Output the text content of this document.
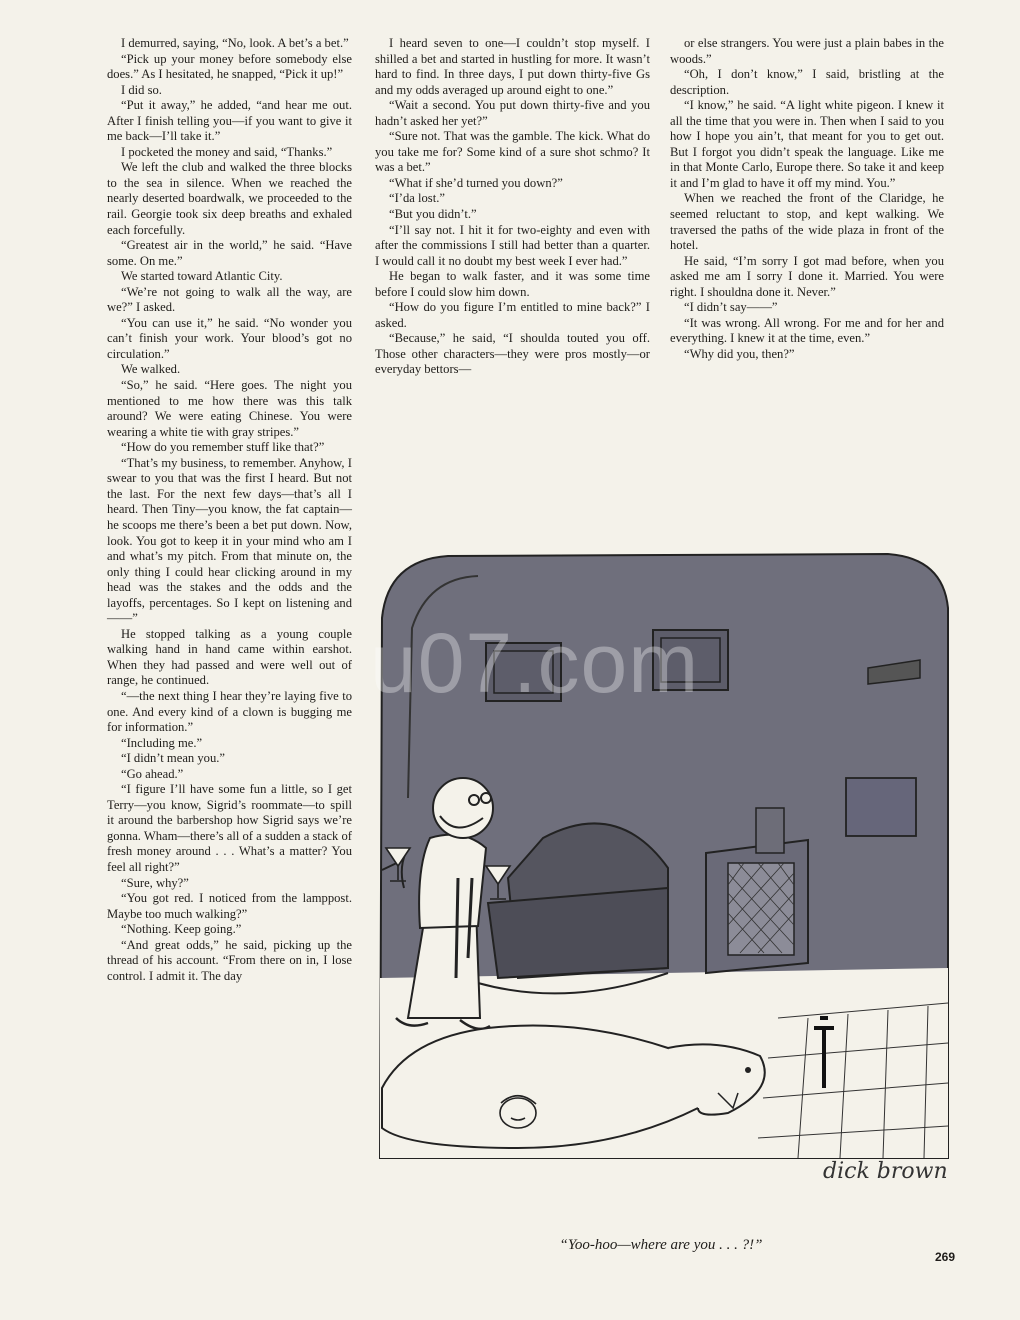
I demurred, saying, “No, look. A bet’s a bet.”

“Pick up your money before somebody else does.” As I hesitated, he snapped, “Pick it up!”

I did so.

“Put it away,” he added, “and hear me out. After I finish telling you—if you want to give it me back—I’ll take it.”

I pocketed the money and said, “Thanks.”

We left the club and walked the three blocks to the sea in silence. When we reached the nearly deserted boardwalk, we proceeded to the rail. Georgie took six deep breaths and exhaled each forcefully.

“Greatest air in the world,” he said. “Have some. On me.”

We started toward Atlantic City.

“We’re not going to walk all the way, are we?” I asked.

“You can use it,” he said. “No wonder you can’t finish your work. Your blood’s got no circulation.”

We walked.

“So,” he said. “Here goes. The night you mentioned to me how there was this talk around? We were eating Chinese. You were wearing a white tie with gray stripes.”

“How do you remember stuff like that?”

“That’s my business, to remember. Anyhow, I swear to you that was the first I heard. But not the last. For the next few days—that’s all I heard. Then Tiny—you know, the fat captain—he scoops me there’s been a bet put down. Now, look. You got to keep it in your mind who am I and what’s my pitch. From that minute on, the only thing I could hear clicking around in my head was the stakes and the odds and the layoffs, percentages. So I kept on listening and——”

He stopped talking as a young couple walking hand in hand came within earshot. When they had passed and were well out of range, he continued.

“—the next thing I hear they’re laying five to one. And every kind of a clown is bugging me for information.”

“Including me.”

“I didn’t mean you.”

“Go ahead.”

“I figure I’ll have some fun a little, so I get Terry—you know, Sigrid’s roommate—to spill it around the barbershop how Sigrid says we’re gonna. Wham—there’s all of a sudden a stack of fresh money around . . . What’s a matter? You feel all right?”

“Sure, why?”

“You got red. I noticed from the lamppost. Maybe too much walking?”

“Nothing. Keep going.”

“And great odds,” he said, picking up the thread of his account. “From there on in, I lose control. I admit it. The day

I heard seven to one—I couldn’t stop myself. I shilled a bet and started in hustling for more. It wasn’t hard to find. In three days, I put down thirty-five Gs and my odds averaged up around eight to one.”

“Wait a second. You put down thirty-five and you hadn’t asked her yet?”

“Sure not. That was the gamble. The kick. What do you take me for? Some kind of a sure shot schmo? It was a bet.”

“What if she’d turned you down?”

“I’da lost.”

“But you didn’t.”

“I’ll say not. I hit it for two-eighty and even with after the commissions I still had better than a quarter. I would call it no doubt my best week I ever had.”

He began to walk faster, and it was some time before I could slow him down.

“How do you figure I’m entitled to mine back?” I asked.

“Because,” he said, “I shoulda touted you off. Those other characters—they were pros mostly—or everyday bettors—

or else strangers. You were just a plain babes in the woods.”

“Oh, I don’t know,” I said, bristling at the description.

“I know,” he said. “A light white pigeon. I knew it all the time that you were in. Then when I said to you how I hope you ain’t, that meant for you to get out. But I forgot you didn’t speak the language. Like me in that Monte Carlo, Europe there. So take it and keep it and I’m glad to have it off my mind. You.”

When we reached the front of the Claridge, he seemed reluctant to stop, and kept walking. We traversed the paths of the wide plaza in front of the hotel.

He said, “I’m sorry I got mad before, when you asked me am I sorry I done it. Married. You were right. I shouldna done it. Never.”

“I didn’t say——”

“It was wrong. All wrong. For me and for her and everything. I knew it at the time, even.”

“Why did you, then?”

dick brown
u07.com
“Yoo-hoo—where are you . . . ?!”
269
